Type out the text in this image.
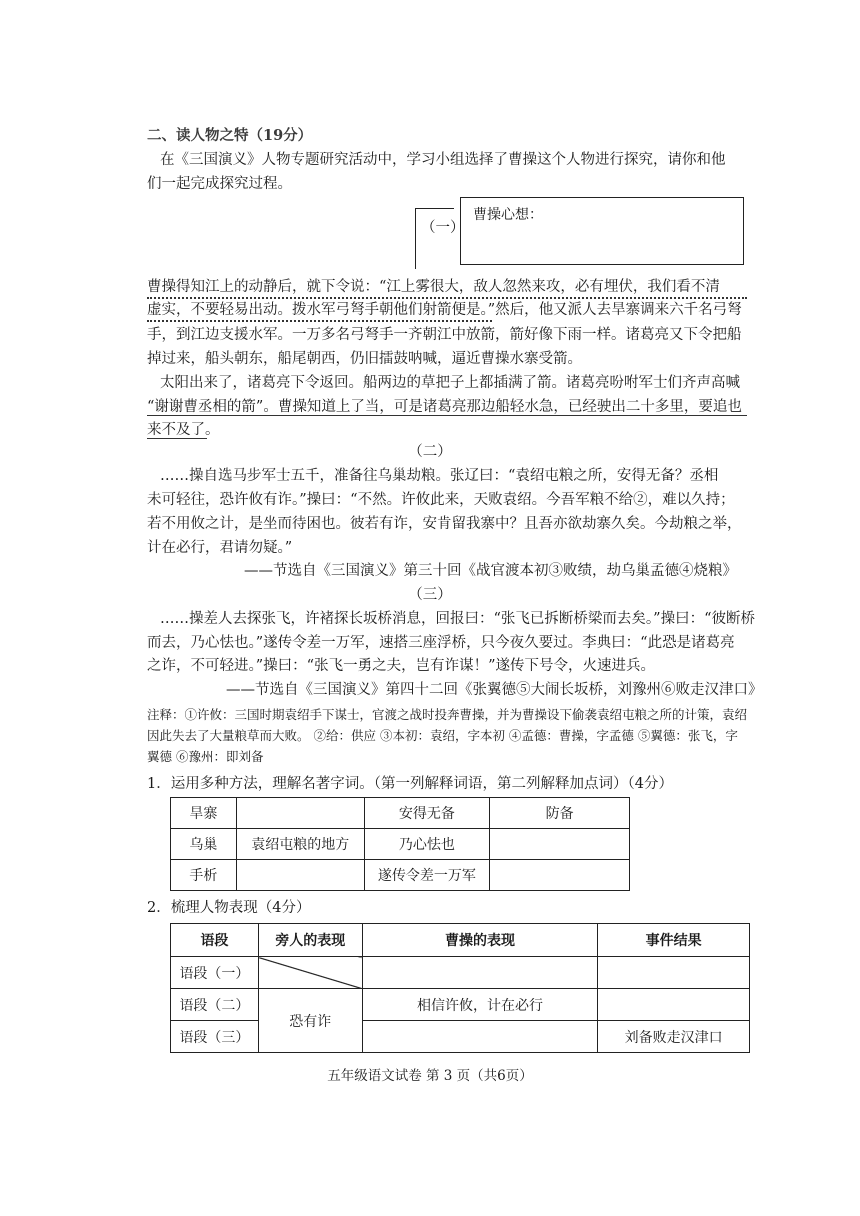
二、读人物之特（19分）
在《三国演义》人物专题研究活动中，学习小组选择了曹操这个人物进行探究，请你和他
们一起完成探究过程。
（一）
曹操心想：
曹操得知江上的动静后，就下令说：“江上雾很大，敌人忽然来攻，必有埋伏，我们看不清
虚实，不要轻易出动。拨水军弓弩手朝他们射箭便是。”然后，他又派人去旱寨调来六千名弓弩
手，到江边支援水军。一万多名弓弩手一齐朝江中放箭，箭好像下雨一样。诸葛亮又下令把船
掉过来，船头朝东，船尾朝西，仍旧擂鼓呐喊，逼近曹操水寨受箭。
太阳出来了，诸葛亮下令返回。船两边的草把子上都插满了箭。诸葛亮吩咐军士们齐声高喊
“谢谢曹丞相的箭”。曹操知道上了当，可是诸葛亮那边船轻水急，已经驶出二十多里，要追也
来不及了。
（二）
……操自选马步军士五千，准备往乌巢劫粮。张辽曰：“袁绍屯粮之所，安得无备？丞相
未可轻往，恐许攸有诈。”操曰：“不然。许攸此来，天败袁绍。今吾军粮不给②，难以久持；
若不用攸之计，是坐而待困也。彼若有诈，安肯留我寨中？且吾亦欲劫寨久矣。今劫粮之举，
计在必行，君请勿疑。”
——节选自《三国演义》第三十回《战官渡本初③败绩，劫乌巢孟德④烧粮》
（三）
……操差人去探张飞，许褚探长坂桥消息，回报曰：“张飞已拆断桥梁而去矣。”操曰：“彼断桥
而去，乃心怯也。”遂传令差一万军，速搭三座浮桥，只今夜久要过。李典曰：“此恐是诸葛亮
之诈，不可轻进。”操曰：“张飞一勇之夫，岂有诈谋！”遂传下号令，火速进兵。
——节选自《三国演义》第四十二回《张翼德⑤大闹长坂桥，刘豫州⑥败走汉津口》
注释：①许攸：三国时期袁绍手下谋士，官渡之战时投奔曹操，并为曹操设下偷袭袁绍屯粮之所的计策，袁绍
因此失去了大量粮草而大败。 ②给：供应 ③本初：袁绍，字本初 ④孟德：曹操，字孟德 ⑤翼德：张飞，字
翼德 ⑥豫州：即刘备
1．运用多种方法，理解名著字词。（第一列解释词语，第二列解释加点词）（4分）
旱寨		安得无备	防备
乌巢	袁绍屯粮的地方	乃心怯也	
手析		遂传令差一万军	
2．梳理人物表现（4分）
语段	旁人的表现	曹操的表现	事件结果
语段（一）			
语段（二）	恐有诈	相信许攸，计在必行	
语段（三）			刘备败走汉津口
五年级语文试卷 第 3 页（共6页）
